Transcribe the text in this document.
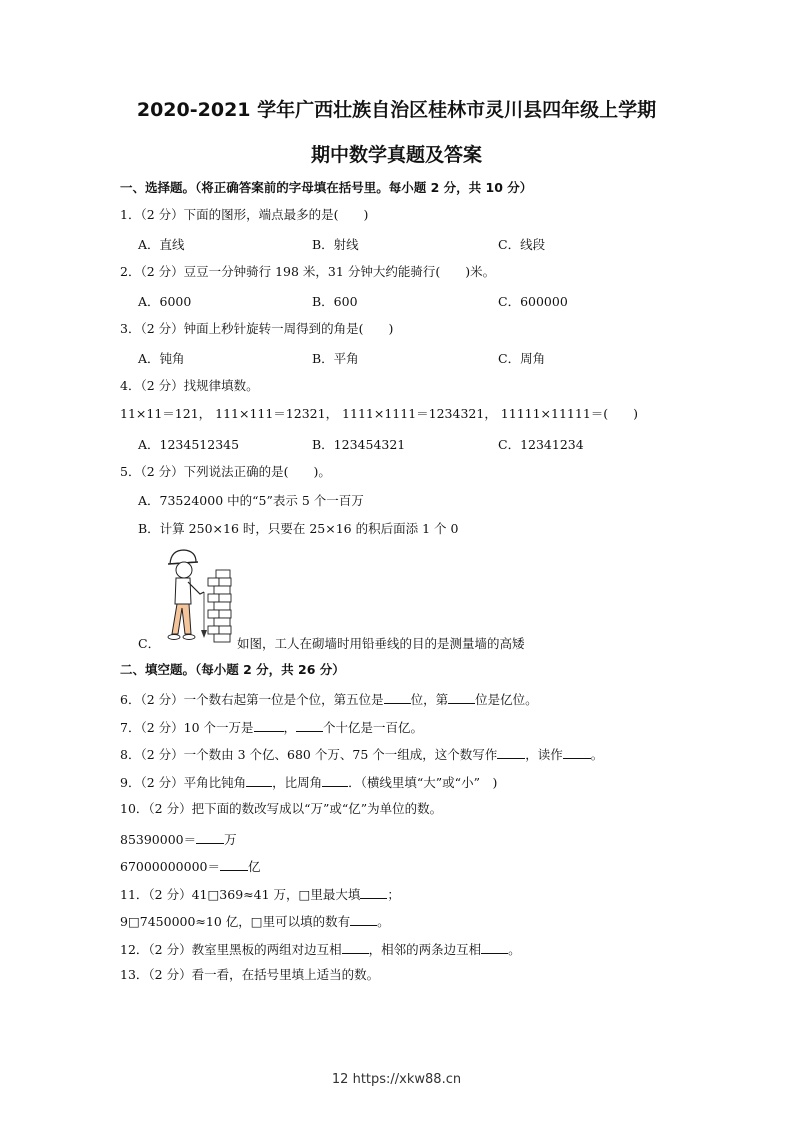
2020-2021 学年广西壮族自治区桂林市灵川县四年级上学期
期中数学真题及答案
一、选择题。（将正确答案前的字母填在括号里。每小题 2 分，共 10 分）
1．（2 分）下面的图形，端点最多的是(　　)
A．直线	B．射线	C．线段
2．（2 分）豆豆一分钟骑行 198 米，31 分钟大约能骑行(　　)米。
A．6000	B．600	C．600000
3．（2 分）钟面上秒针旋转一周得到的角是(　　)
A．钝角	B．平角	C．周角
4．（2 分）找规律填数。
11×11＝121， 111×111＝12321， 1111×1111＝1234321， 11111×11111＝(　　)
A．1234512345	B．123454321	C．12341234
5．（2 分）下列说法正确的是(　　)。
A．73524000 中的“5”表示 5 个一百万
B．计算 250×16 时，只要在 25×16 的积后面添 1 个 0
C．	如图，工人在砌墙时用铅垂线的目的是测量墙的高矮
二、填空题。（每小题 2 分，共 26 分）
6．（2 分）一个数右起第一位是个位，第五位是 位，第 位是亿位。
7．（2 分）10 个一万是 ， 个十亿是一百亿。
8．（2 分）一个数由 3 个亿、680 个万、75 个一组成，这个数写作 ，读作 。
9．（2 分）平角比钝角 ，比周角 ．（横线里填“大”或“小”　)
10．（2 分）把下面的数改写成以“万”或“亿”为单位的数。
85390000＝ 万
67000000000＝ 亿
11．（2 分）41□369≈41 万，□里最大填 ；
9□7450000≈10 亿，□里可以填的数有 。
12．（2 分）教室里黑板的两组对边互相 ，相邻的两条边互相 。
13．（2 分）看一看，在括号里填上适当的数。
12 https://xkw88.cn
